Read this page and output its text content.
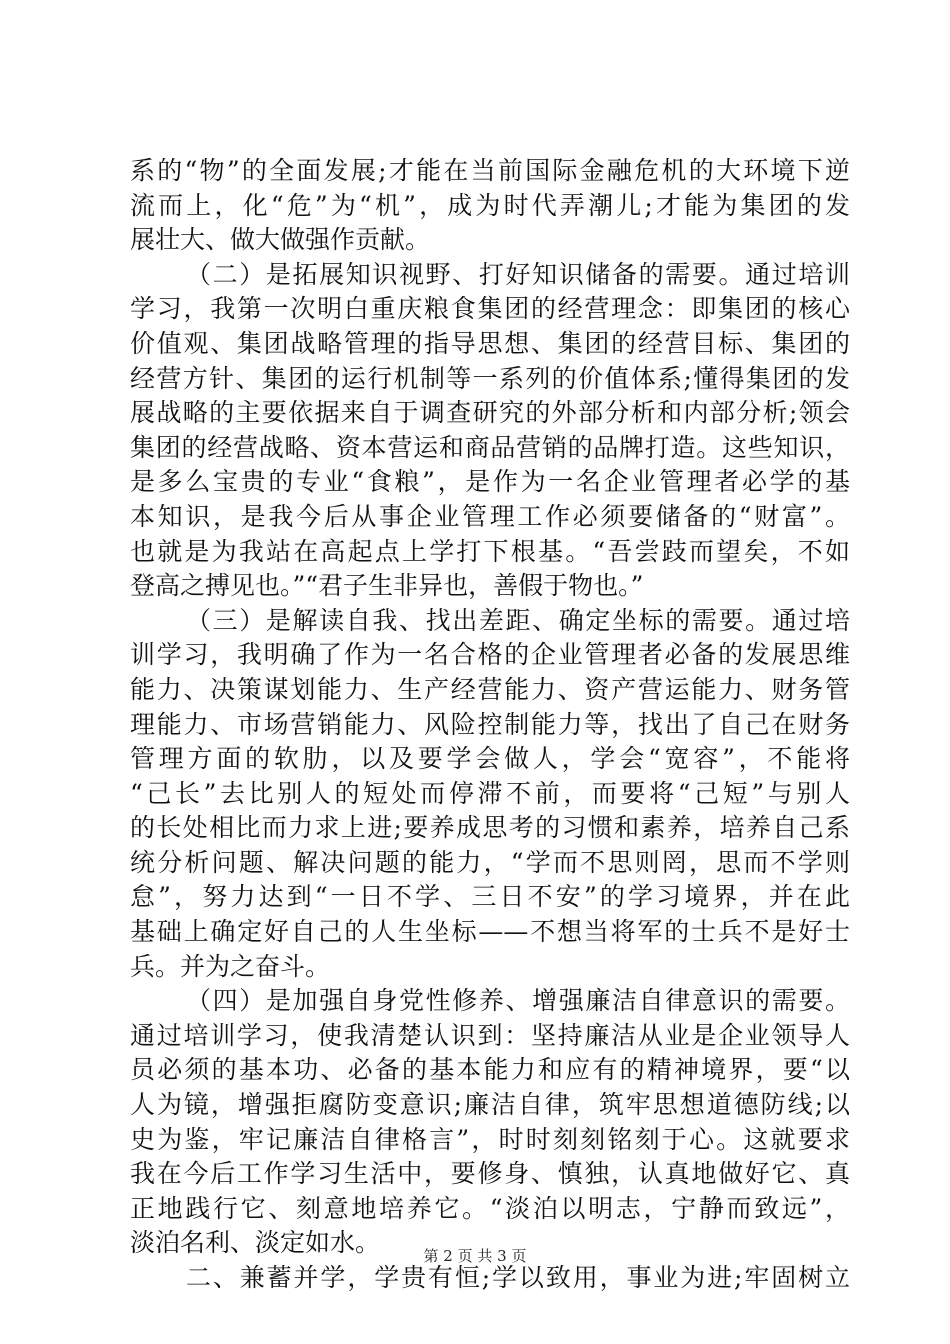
系的“物”的全面发展;才能在当前国际金融危机的大环境下逆
流而上，化“危”为“机”，成为时代弄潮儿;才能为集团的发
展壮大、做大做强作贡献。
（二）是拓展知识视野、打好知识储备的需要。通过培训
学习，我第一次明白重庆粮食集团的经营理念：即集团的核心
价值观、集团战略管理的指导思想、集团的经营目标、集团的
经营方针、集团的运行机制等一系列的价值体系;懂得集团的发
展战略的主要依据来自于调查研究的外部分析和内部分析;领会
集团的经营战略、资本营运和商品营销的品牌打造。这些知识，
是多么宝贵的专业“食粮”，是作为一名企业管理者必学的基
本知识，是我今后从事企业管理工作必须要储备的“财富”。
也就是为我站在高起点上学打下根基。“吾尝跂而望矣，不如
登高之搏见也。”“君子生非异也，善假于物也。”
（三）是解读自我、找出差距、确定坐标的需要。通过培
训学习，我明确了作为一名合格的企业管理者必备的发展思维
能力、决策谋划能力、生产经营能力、资产营运能力、财务管
理能力、市场营销能力、风险控制能力等，找出了自己在财务
管理方面的软肋，以及要学会做人，学会“宽容”，不能将
“己长”去比别人的短处而停滞不前，而要将“己短”与别人
的长处相比而力求上进;要养成思考的习惯和素养，培养自己系
统分析问题、解决问题的能力，“学而不思则罔，思而不学则
怠”，努力达到“一日不学、三日不安”的学习境界，并在此
基础上确定好自己的人生坐标——不想当将军的士兵不是好士
兵。并为之奋斗。
（四）是加强自身党性修养、增强廉洁自律意识的需要。
通过培训学习，使我清楚认识到：坚持廉洁从业是企业领导人
员必须的基本功、必备的基本能力和应有的精神境界，要“以
人为镜，增强拒腐防变意识;廉洁自律，筑牢思想道德防线;以
史为鉴，牢记廉洁自律格言”，时时刻刻铭刻于心。这就要求
我在今后工作学习生活中，要修身、慎独，认真地做好它、真
正地践行它、刻意地培养它。“淡泊以明志，宁静而致远”，
淡泊名利、淡定如水。
二、兼蓄并学，学贵有恒;学以致用，事业为进;牢固树立
第 2 页 共 3 页
